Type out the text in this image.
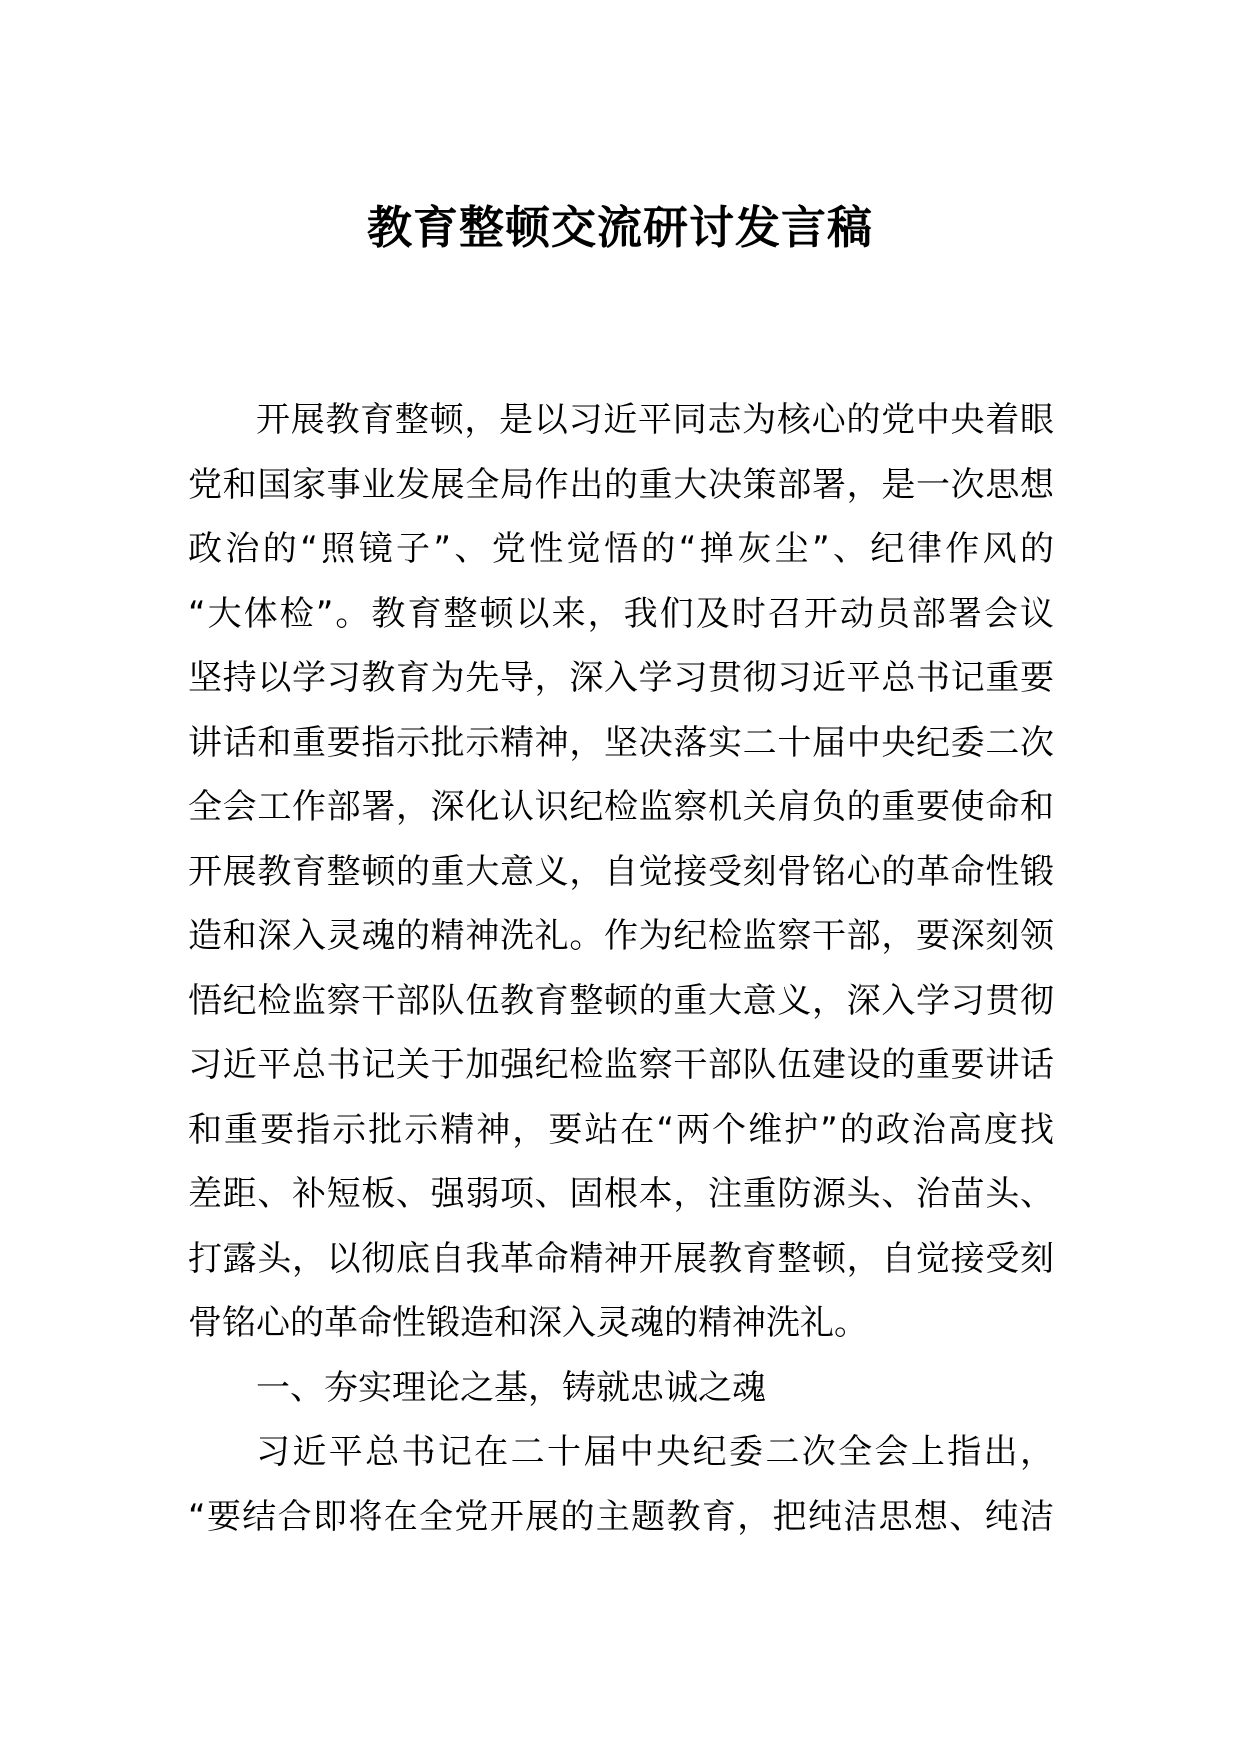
教育整顿交流研讨发言稿
开展教育整顿，是以习近平同志为核心的党中央着眼
党和国家事业发展全局作出的重大决策部署，是一次思想
政治的“照镜子”、党性觉悟的“掸灰尘”、纪律作风的
“大体检”。教育整顿以来，我们及时召开动员部署会议
坚持以学习教育为先导，深入学习贯彻习近平总书记重要
讲话和重要指示批示精神，坚决落实二十届中央纪委二次
全会工作部署，深化认识纪检监察机关肩负的重要使命和
开展教育整顿的重大意义，自觉接受刻骨铭心的革命性锻
造和深入灵魂的精神洗礼。作为纪检监察干部，要深刻领
悟纪检监察干部队伍教育整顿的重大意义，深入学习贯彻
习近平总书记关于加强纪检监察干部队伍建设的重要讲话
和重要指示批示精神，要站在“两个维护”的政治高度找
差距、补短板、强弱项、固根本，注重防源头、治苗头、
打露头，以彻底自我革命精神开展教育整顿，自觉接受刻
骨铭心的革命性锻造和深入灵魂的精神洗礼。
一、夯实理论之基，铸就忠诚之魂
习近平总书记在二十届中央纪委二次全会上指出，
“要结合即将在全党开展的主题教育，把纯洁思想、纯洁
